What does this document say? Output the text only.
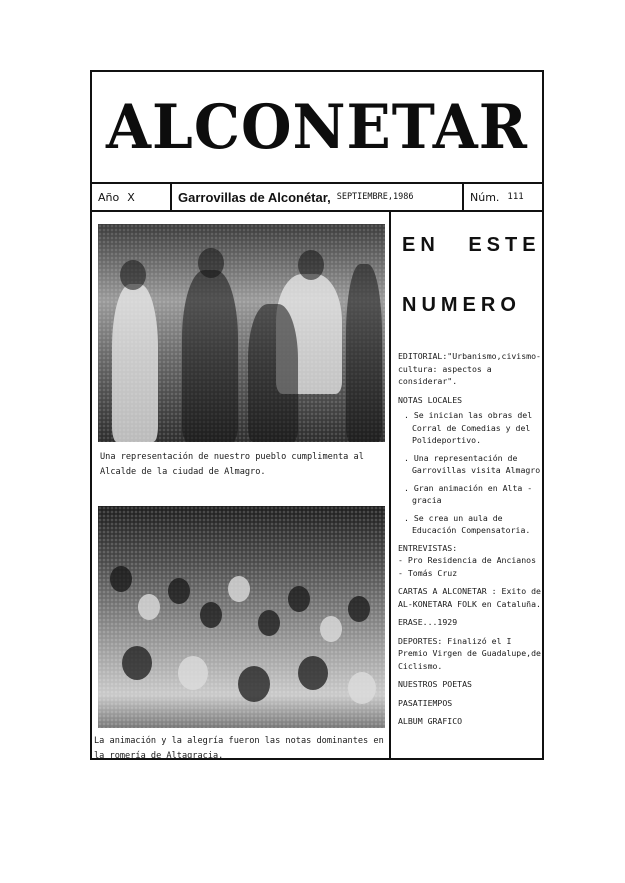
ALCONETAR
Año X	Garrovillas de Alconétar, SEPTIEMBRE,1986	Núm. 111
Una representación de nuestro pueblo cumplimenta al Alcalde de la ciudad de Almagro.
La animación y la alegría fueron las notas dominantes en la romería de Altagracia.
EN ESTE
NUMERO
EDITORIAL:"Urbanismo,civismo-cultura: aspectos a considerar".
NOTAS LOCALES
. Se inician las obras del Corral de Comedias y del Polideportivo.
. Una representación de Garrovillas visita Almagro
. Gran animación en Alta - gracia
. Se crea un aula de Educación Compensatoria.
ENTREVISTAS:
- Pro Residencia de Ancianos
- Tomás Cruz
CARTAS A ALCONETAR : Exito de AL-KONETARA FOLK en Cataluña.
ERASE...1929
DEPORTES: Finalizó el I Premio Virgen de Guadalupe,de Ciclismo.
NUESTROS POETAS
PASATIEMPOS
ALBUM GRAFICO
